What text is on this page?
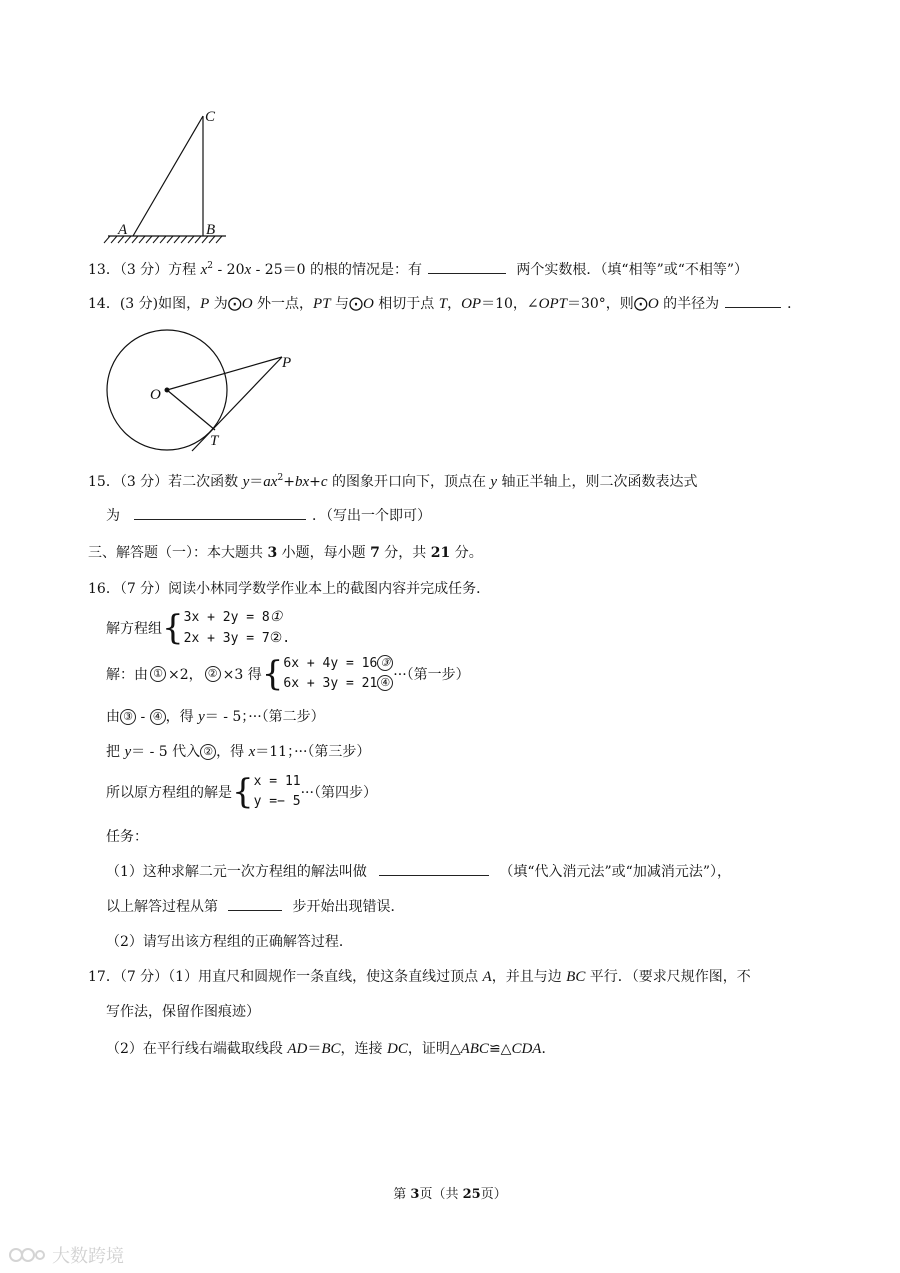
C
A	B
13．（3 分）方程 $x^2 - 20x - 25=0$ 的根的情况是：有	两个实数根．（填“相等”或“不相等”）
14．(3 分)如图，P 为⨀O 外一点，PT 与⨀O 相切于点 T，OP＝10，∠OPT＝30°，则⨀O 的半径为	．
O
P
T
15．（3 分）若二次函数 $y=ax^2+bx+c$ 的图象开口向下，顶点在 y 轴正半轴上，则二次函数表达式
为	．（写出一个即可）
三、解答题（一）：本大题共 3 小题，每小题 7 分，共 21 分。
16．（7 分）阅读小林同学数学作业本上的截图内容并完成任务．
解方程组 { 3x + 2y = 8①
2x + 3y = 7②.
解：由 ① ×2， ② ×3 得 { 6x + 4y = 16 ③
6x + 3y = 21 ④ ···（第一步）
由 ③ - ④ ，得 y＝ - 5；···（第二步）
把 y＝ - 5 代入 ② ，得 x＝11；···（第三步）
所以原方程组的解是 { x = 11
y =− 5
···（第四步）
任务：
（1）这种求解二元一次方程组的解法叫做	（填“代入消元法”或“加减消元法”），
以上解答过程从第	步开始出现错误．
（2）请写出该方程组的正确解答过程．
17．（7 分）（1）用直尺和圆规作一条直线，使这条直线过顶点 A，并且与边 BC 平行．（要求尺规作图，不
写作法，保留作图痕迹）
（2）在平行线右端截取线段 AD＝BC，连接 DC，证明△ABC≌△CDA．
第 3页（共 25页）
大数跨境
